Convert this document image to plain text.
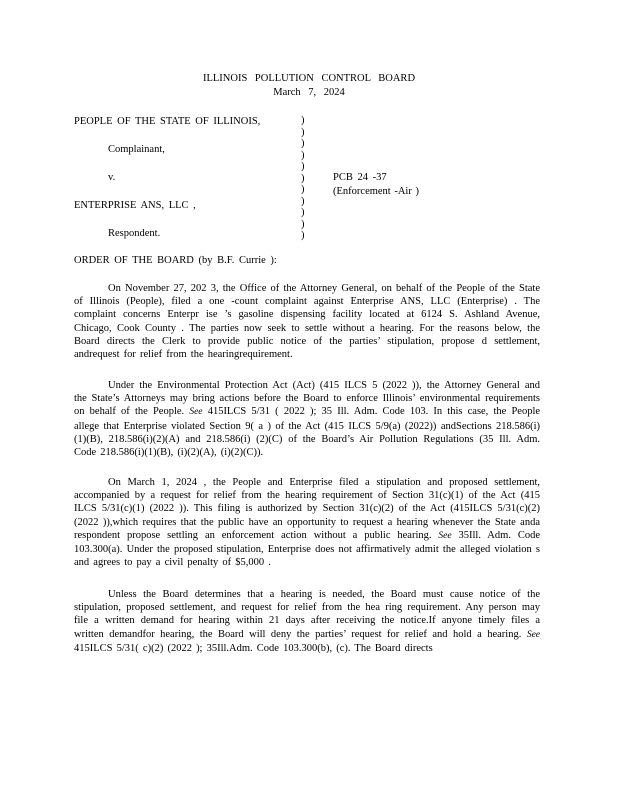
ILLINOIS POLLUTION CONTROL BOARD
March 7, 2024
PEOPLE OF THE STATE OF ILLINOIS,
Complainant,
v.
ENTERPRISE ANS, LLC ,
Respondent.
)
)
)
)
)
)
)
)
)
)
)
PCB 24 -37
(Enforcement -Air )
ORDER OF THE BOARD (by B.F. Currie ):
On November 27, 202 3, the Office of the Attorney General, on behalf of the People of the State of Illinois (People), filed a one -count complaint against Enterprise ANS, LLC (Enterprise) . The complaint concerns Enterpr ise ’s gasoline dispensing facility located at 6124 S. Ashland Avenue, Chicago, Cook County . The parties now seek to settle without a hearing. For the reasons below, the Board directs the Clerk to provide public notice of the parties’ stipulation, propose d settlement, andrequest for relief from the hearingrequirement.
Under the Environmental Protection Act (Act) (415 ILCS 5 (2022 )), the Attorney General and the State’s Attorneys may bring actions before the Board to enforce Illinois’ environmental requirements on behalf of the People. See 415ILCS 5/31 ( 2022 ); 35 Ill. Adm. Code 103. In this case, the People allege that Enterprise violated Section 9( a ) of the Act (415 ILCS 5/9(a) (2022)) andSections 218.586(i)(1)(B), 218.586(i)(2)(A) and 218.586(i) (2)(C) of the Board’s Air Pollution Regulations (35 Ill. Adm. Code 218.586(i)(1)(B), (i)(2)(A), (i)(2)(C)).
On March 1, 2024 , the People and Enterprise filed a stipulation and proposed settlement, accompanied by a request for relief from the hearing requirement of Section 31(c)(1) of the Act (415 ILCS 5/31(c)(1) (2022 )). This filing is authorized by Section 31(c)(2) of the Act (415ILCS 5/31(c)(2) (2022 )),which requires that the public have an opportunity to request a hearing whenever the State anda respondent propose settling an enforcement action without a public hearing. See 35Ill. Adm. Code 103.300(a). Under the proposed stipulation, Enterprise does not affirmatively admit the alleged violation s and agrees to pay a civil penalty of $5,000 .
Unless the Board determines that a hearing is needed, the Board must cause notice of the stipulation, proposed settlement, and request for relief from the hea ring requirement. Any person may file a written demand for hearing within 21 days after receiving the notice.If anyone timely files a written demandfor hearing, the Board will deny the parties’ request for relief and hold a hearing. See 415ILCS 5/31( c)(2) (2022 ); 35Ill.Adm. Code 103.300(b), (c). The Board directs
